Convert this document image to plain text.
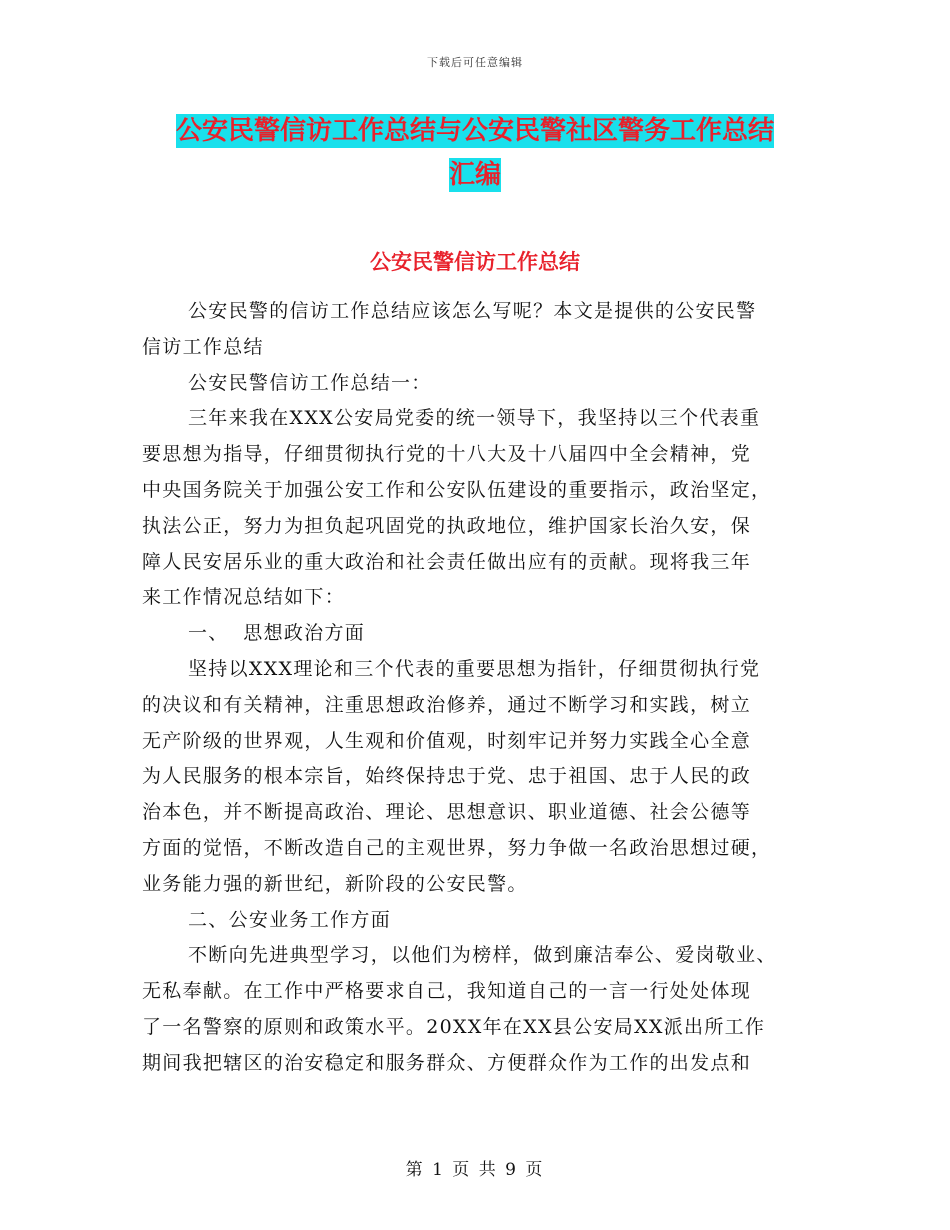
下载后可任意编辑
公安民警信访工作总结与公安民警社区警务工作总结
汇编
公安民警信访工作总结
公安民警的信访工作总结应该怎么写呢？本文是提供的公安民警
信访工作总结
公安民警信访工作总结一：
三年来我在XXX公安局党委的统一领导下，我坚持以三个代表重
要思想为指导，仔细贯彻执行党的十八大及十八届四中全会精神，党
中央国务院关于加强公安工作和公安队伍建设的重要指示，政治坚定，
执法公正，努力为担负起巩固党的执政地位，维护国家长治久安，保
障人民安居乐业的重大政治和社会责任做出应有的贡献。现将我三年
来工作情况总结如下：
一、  思想政治方面
坚持以XXX理论和三个代表的重要思想为指针，仔细贯彻执行党
的决议和有关精神，注重思想政治修养，通过不断学习和实践，树立
无产阶级的世界观，人生观和价值观，时刻牢记并努力实践全心全意
为人民服务的根本宗旨，始终保持忠于党、忠于祖国、忠于人民的政
治本色，并不断提高政治、理论、思想意识、职业道德、社会公德等
方面的觉悟，不断改造自己的主观世界，努力争做一名政治思想过硬，
业务能力强的新世纪，新阶段的公安民警。
二、公安业务工作方面
不断向先进典型学习，以他们为榜样，做到廉洁奉公、爱岗敬业、
无私奉献。在工作中严格要求自己，我知道自己的一言一行处处体现
了一名警察的原则和政策水平。20XX年在XX县公安局XX派出所工作
期间我把辖区的治安稳定和服务群众、方便群众作为工作的出发点和
第 1 页 共 9 页
